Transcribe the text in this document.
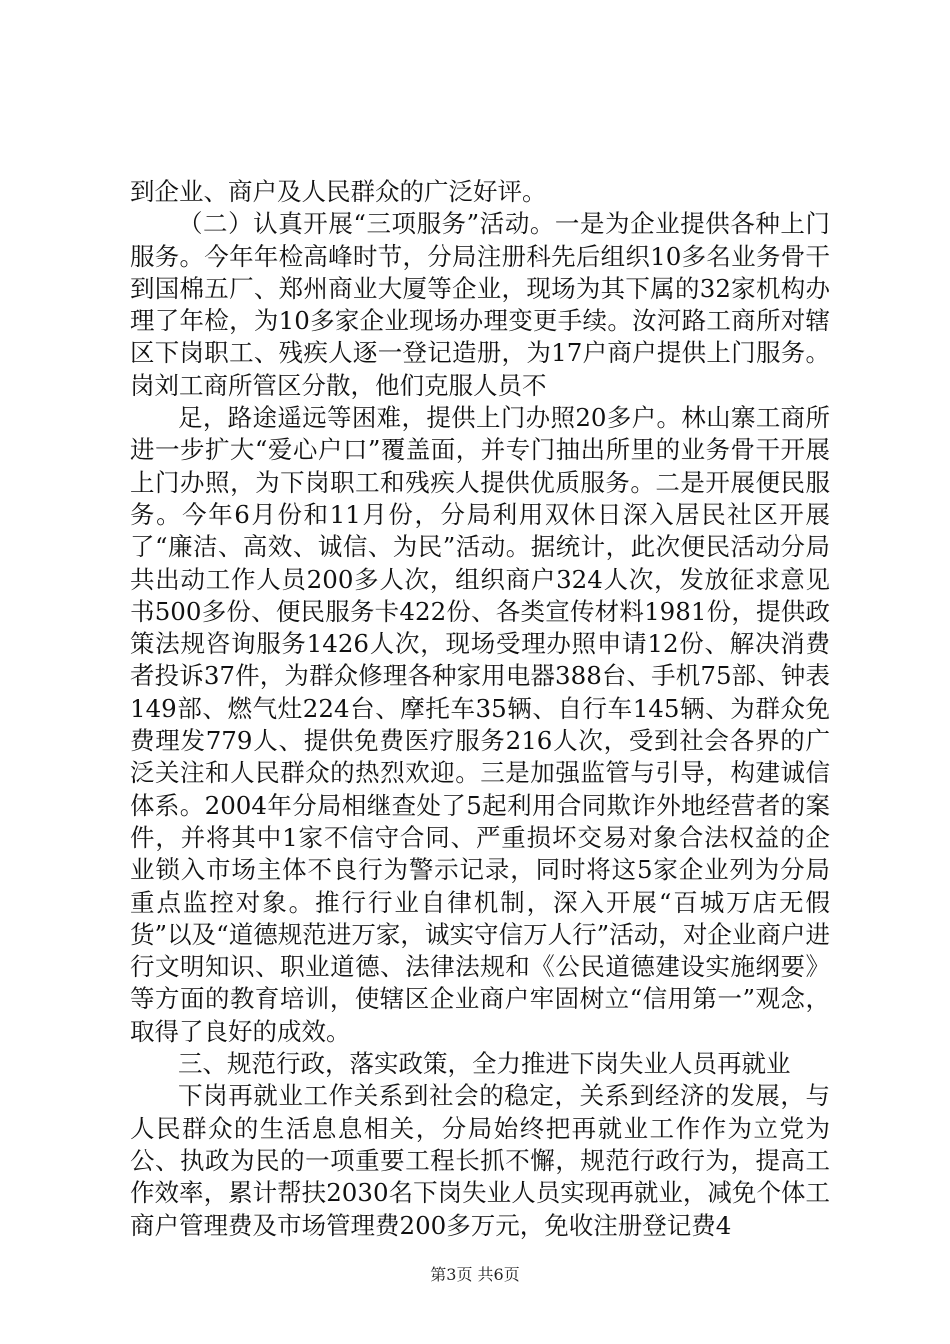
到企业、商户及人民群众的广泛好评。

（二）认真开展“三项服务”活动。一是为企业提供各种上门服务。今年年检高峰时节，分局注册科先后组织10多名业务骨干到国棉五厂、郑州商业大厦等企业，现场为其下属的32家机构办理了年检，为10多家企业现场办理变更手续。汝河路工商所对辖区下岗职工、残疾人逐一登记造册，为17户商户提供上门服务。岗刘工商所管区分散，他们克服人员不

足，路途遥远等困难，提供上门办照20多户。林山寨工商所进一步扩大“爱心户口”覆盖面，并专门抽出所里的业务骨干开展上门办照，为下岗职工和残疾人提供优质服务。二是开展便民服务。今年6月份和11月份，分局利用双休日深入居民社区开展了“廉洁、高效、诚信、为民”活动。据统计，此次便民活动分局共出动工作人员200多人次，组织商户324人次，发放征求意见书500多份、便民服务卡422份、各类宣传材料1981份，提供政策法规咨询服务1426人次，现场受理办照申请12份、解决消费者投诉37件，为群众修理各种家用电器388台、手机75部、钟表149部、燃气灶224台、摩托车35辆、自行车145辆、为群众免费理发779人、提供免费医疗服务216人次，受到社会各界的广泛关注和人民群众的热烈欢迎。三是加强监管与引导，构建诚信体系。2004年分局相继查处了5起利用合同欺诈外地经营者的案件，并将其中1家不信守合同、严重损坏交易对象合法权益的企业锁入市场主体不良行为警示记录，同时将这5家企业列为分局重点监控对象。推行行业自律机制，深入开展“百城万店无假货”以及“道德规范进万家，诚实守信万人行”活动，对企业商户进行文明知识、职业道德、法律法规和《公民道德建设实施纲要》等方面的教育培训，使辖区企业商户牢固树立“信用第一”观念，取得了良好的成效。

三、规范行政，落实政策，全力推进下岗失业人员再就业

下岗再就业工作关系到社会的稳定，关系到经济的发展，与人民群众的生活息息相关，分局始终把再就业工作作为立党为公、执政为民的一项重要工程长抓不懈，规范行政行为，提高工作效率，累计帮扶2030名下岗失业人员实现再就业，减免个体工商户管理费及市场管理费200多万元，免收注册登记费4

第3页 共6页
